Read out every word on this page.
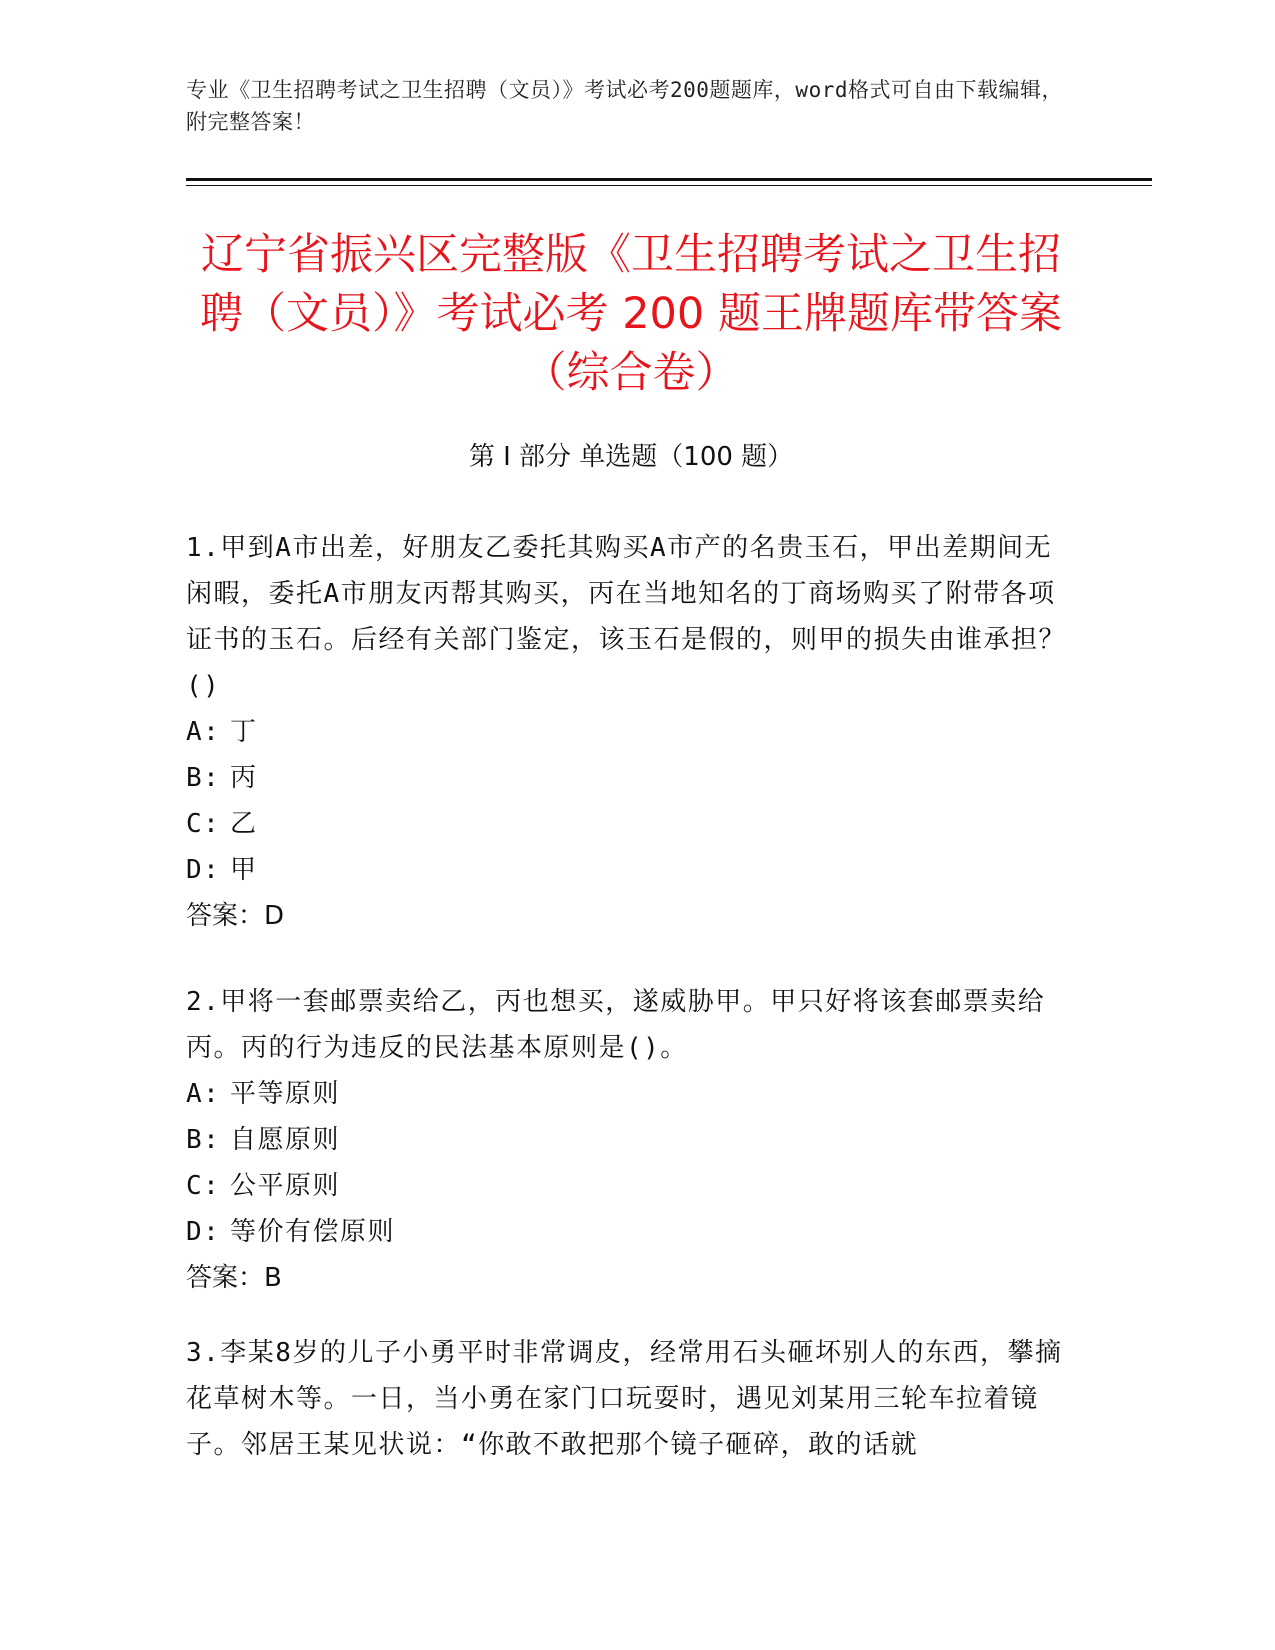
专业《卫生招聘考试之卫生招聘（文员）》考试必考200题题库，word格式可自由下载编辑，附完整答案！
辽宁省振兴区完整版《卫生招聘考试之卫生招聘（文员）》考试必考 200 题王牌题库带答案（综合卷）
第 I 部分 单选题（100 题）

1.甲到A市出差，好朋友乙委托其购买A市产的名贵玉石，甲出差期间无闲暇，委托A市朋友丙帮其购买，丙在当地知名的丁商场购买了附带各项证书的玉石。后经有关部门鉴定，该玉石是假的，则甲的损失由谁承担？()

A: 丁

B: 丙

C: 乙

D: 甲

答案：D

2.甲将一套邮票卖给乙，丙也想买，遂威胁甲。甲只好将该套邮票卖给丙。丙的行为违反的民法基本原则是()。

A: 平等原则

B: 自愿原则

C: 公平原则

D: 等价有偿原则

答案：B

3.李某8岁的儿子小勇平时非常调皮，经常用石头砸坏别人的东西，攀摘花草树木等。一日，当小勇在家门口玩耍时，遇见刘某用三轮车拉着镜子。邻居王某见状说：“你敢不敢把那个镜子砸碎，敢的话就
